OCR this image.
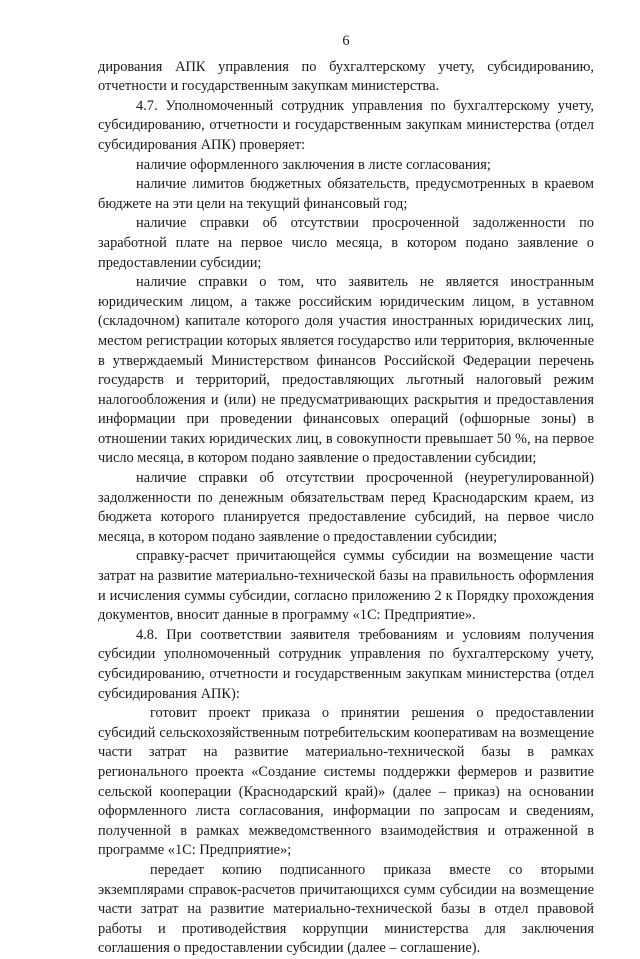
6

дирования АПК управления по бухгалтерскому учету, субсидированию, отчетности и государственным закупкам министерства.

4.7. Уполномоченный сотрудник управления по бухгалтерскому учету, субсидированию, отчетности и государственным закупкам министерства (отдел субсидирования АПК) проверяет:

наличие оформленного заключения в листе согласования;

наличие лимитов бюджетных обязательств, предусмотренных в краевом бюджете на эти цели на текущий финансовый год;

наличие справки об отсутствии просроченной задолженности по заработной плате на первое число месяца, в котором подано заявление о предоставлении субсидии;

наличие справки о том, что заявитель не является иностранным юридическим лицом, а также российским юридическим лицом, в уставном (складочном) капитале которого доля участия иностранных юридических лиц, местом регистрации которых является государство или территория, включенные в утверждаемый Министерством финансов Российской Федерации перечень государств и территорий, предоставляющих льготный налоговый режим налогообложения и (или) не предусматривающих раскрытия и предоставления информации при проведении финансовых операций (офшорные зоны) в отношении таких юридических лиц, в совокупности превышает 50 %, на первое число месяца, в котором подано заявление о предоставлении субсидии;

наличие справки об отсутствии просроченной (неурегулированной) задолженности по денежным обязательствам перед Краснодарским краем, из бюджета которого планируется предоставление субсидий, на первое число месяца, в котором подано заявление о предоставлении субсидии;

справку-расчет причитающейся суммы субсидии на возмещение части затрат на развитие материально-технической базы на правильность оформления и исчисления суммы субсидии, согласно приложению 2 к Порядку прохождения документов, вносит данные в программу «1С: Предприятие».

4.8. При соответствии заявителя требованиям и условиям получения субсидии уполномоченный сотрудник управления по бухгалтерскому учету, субсидированию, отчетности и государственным закупкам министерства (отдел субсидирования АПК):

готовит проект приказа о принятии решения о предоставлении субсидий сельскохозяйственным потребительским кооперативам на возмещение части затрат на развитие материально-технической базы в рамках регионального проекта «Создание системы поддержки фермеров и развитие сельской кооперации (Краснодарский край)» (далее – приказ) на основании оформленного листа согласования, информации по запросам и сведениям, полученной в рамках межведомственного взаимодействия и отраженной в программе «1С: Предприятие»;

передает копию подписанного приказа вместе со вторыми экземплярами справок-расчетов причитающихся сумм субсидии на возмещение части затрат на развитие материально-технической базы в отдел правовой работы и противодействия коррупции министерства для заключения соглашения о предоставлении субсидии (далее – соглашение).
